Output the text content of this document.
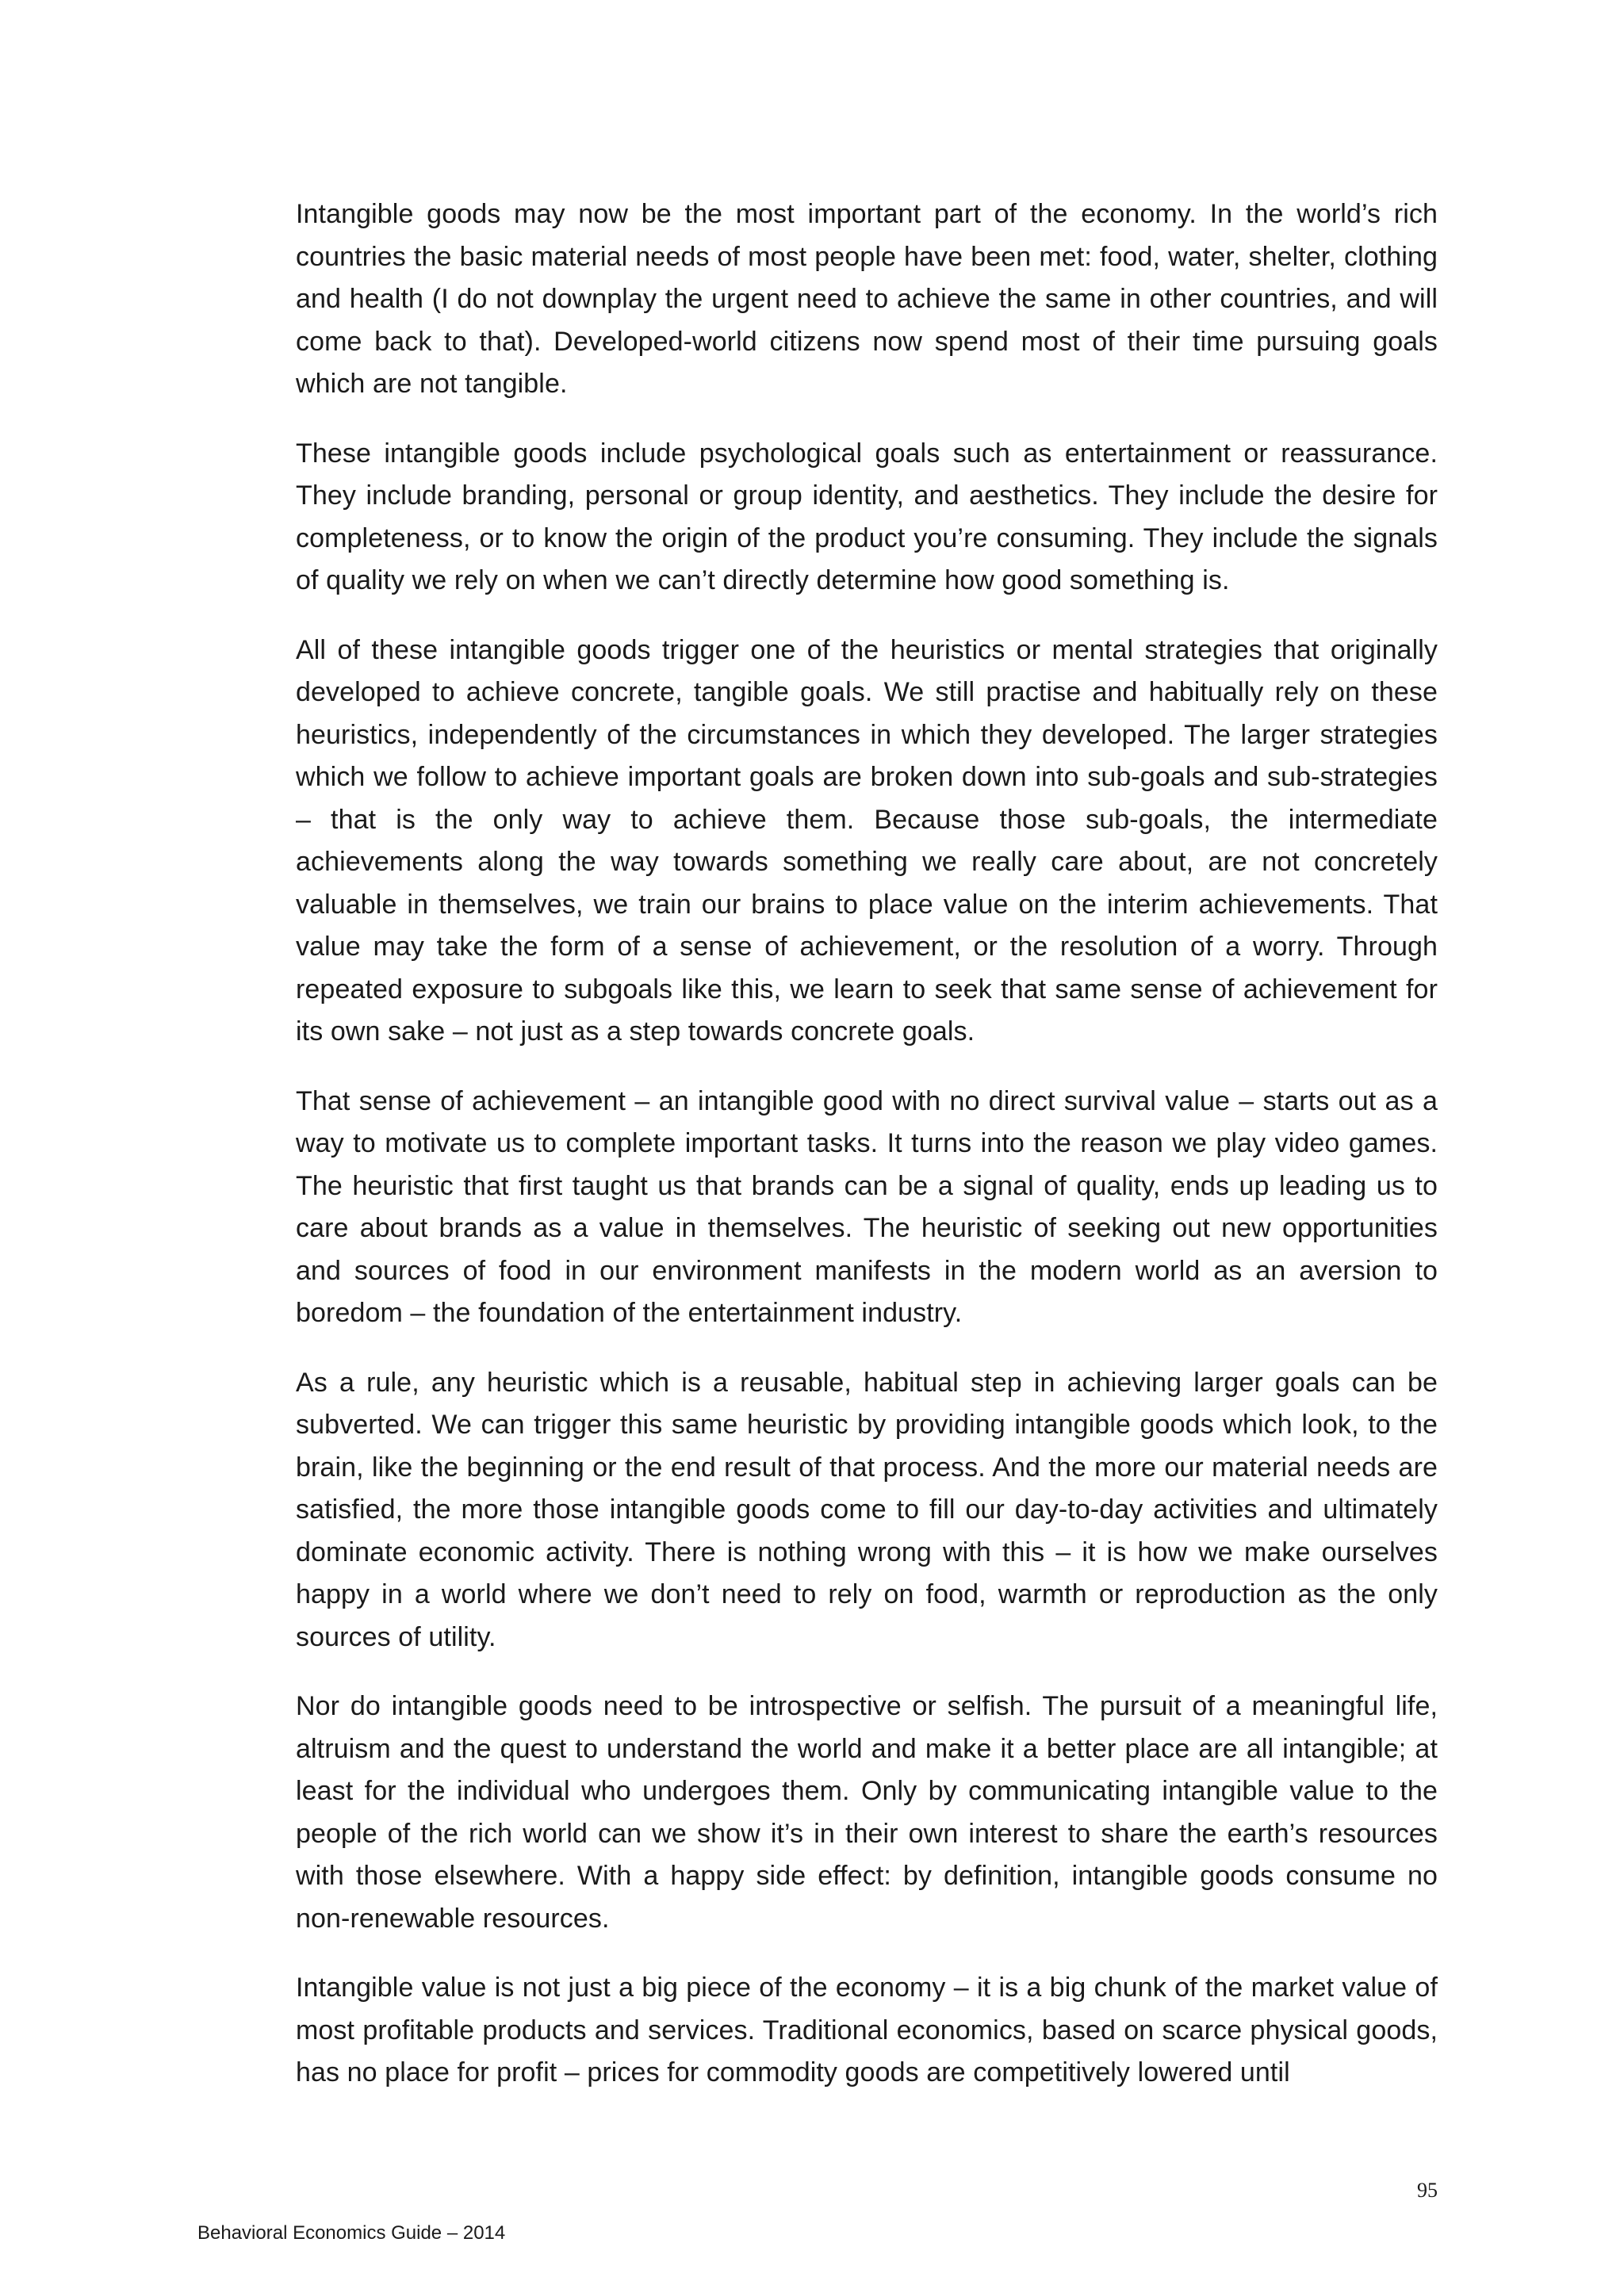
Intangible goods may now be the most important part of the economy. In the world’s rich countries the basic material needs of most people have been met: food, water, shelter, clothing and health (I do not downplay the urgent need to achieve the same in other countries, and will come back to that). Developed-world citizens now spend most of their time pursuing goals which are not tangible.

These intangible goods include psychological goals such as entertainment or reassurance. They include branding, personal or group identity, and aesthetics. They include the desire for completeness, or to know the origin of the product you’re consuming. They include the signals of quality we rely on when we can’t directly determine how good something is.

All of these intangible goods trigger one of the heuristics or mental strategies that originally developed to achieve concrete, tangible goals. We still practise and habitually rely on these heuristics, independently of the circumstances in which they developed. The larger strategies which we follow to achieve important goals are broken down into sub-goals and sub-strategies – that is the only way to achieve them. Because those sub-goals, the intermediate achievements along the way towards something we really care about, are not concretely valuable in themselves, we train our brains to place value on the interim achievements. That value may take the form of a sense of achievement, or the resolution of a worry. Through repeated exposure to subgoals like this, we learn to seek that same sense of achievement for its own sake – not just as a step towards concrete goals.

That sense of achievement – an intangible good with no direct survival value – starts out as a way to motivate us to complete important tasks. It turns into the reason we play video games. The heuristic that first taught us that brands can be a signal of quality, ends up leading us to care about brands as a value in themselves. The heuristic of seeking out new opportunities and sources of food in our environment manifests in the modern world as an aversion to boredom – the foundation of the entertainment industry.

As a rule, any heuristic which is a reusable, habitual step in achieving larger goals can be subverted. We can trigger this same heuristic by providing intangible goods which look, to the brain, like the beginning or the end result of that process. And the more our material needs are satisfied, the more those intangible goods come to fill our day-to-day activities and ultimately dominate economic activity. There is nothing wrong with this – it is how we make ourselves happy in a world where we don’t need to rely on food, warmth or reproduction as the only sources of utility.

Nor do intangible goods need to be introspective or selfish. The pursuit of a meaningful life, altruism and the quest to understand the world and make it a better place are all intangible; at least for the individual who undergoes them. Only by communicating intangible value to the people of the rich world can we show it’s in their own interest to share the earth’s resources with those elsewhere. With a happy side effect: by definition, intangible goods consume no non-renewable resources.

Intangible value is not just a big piece of the economy – it is a big chunk of the market value of most profitable products and services. Traditional economics, based on scarce physical goods, has no place for profit – prices for commodity goods are competitively lowered until

95
Behavioral Economics Guide – 2014
